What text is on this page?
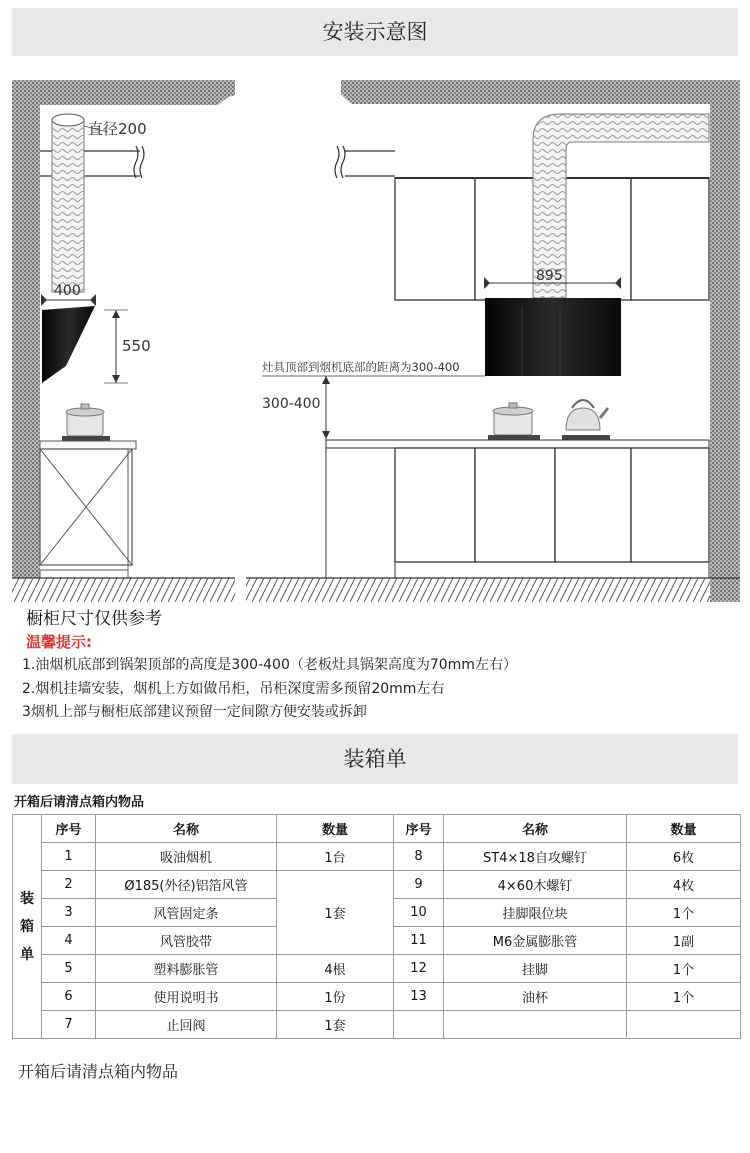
安装示意图
直径200
400
550
895
灶具顶部到烟机底部的距离为300-400
300-400
橱柜尺寸仅供参考
温馨提示:
1.油烟机底部到锅架顶部的高度是300-400（老板灶具锅架高度为70mm左右）
2.烟机挂墙安装，烟机上方如做吊柜，吊柜深度需多预留20mm左右
3烟机上部与橱柜底部建议预留一定间隙方便安装或拆卸
装箱单
开箱后请清点箱内物品
装
箱
单	序号	名称	数量	序号	名称	数量
	1	吸油烟机	1台	8	ST4×18自攻螺钉	6枚
	2	Ø185(外径)铝箔风管	1套	9	4×60木螺钉	4枚
	3	风管固定条		10	挂脚限位块	1个
	4	风管胶带		11	M6金属膨胀管	1副
	5	塑料膨胀管	4根	12	挂脚	1个
	6	使用说明书	1份	13	油杯	1个
	7	止回阀	1套			
开箱后请清点箱内物品
